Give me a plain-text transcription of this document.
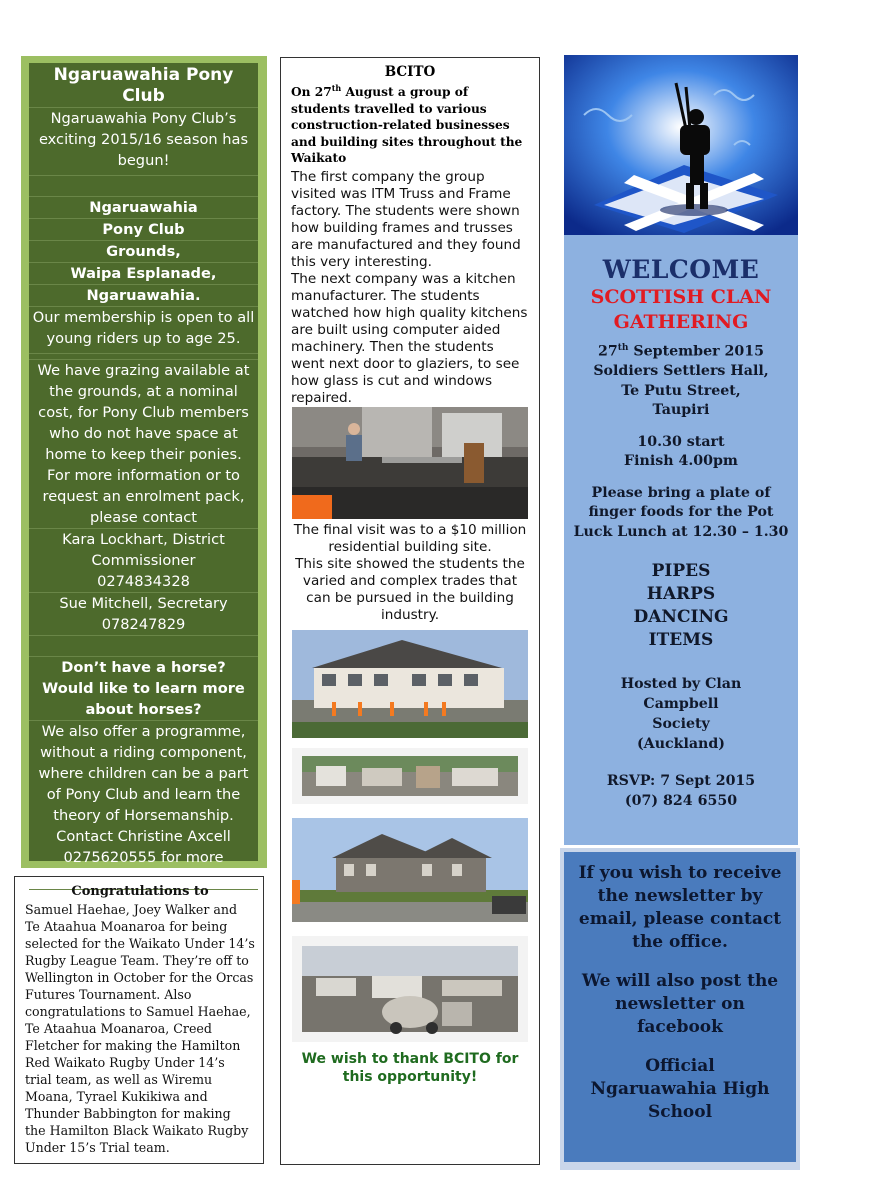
Ngaruawahia Pony Club
Ngaruawahia Pony Club’s exciting 2015/16 season has begun!
Ngaruawahia
Pony Club
Grounds,
Waipa Esplanade,
Ngaruawahia.
Our membership is open to all young riders up to age 25.
We have grazing available at the grounds, at a nominal cost, for Pony Club members who do not have space at home to keep their ponies. For more information or to request an enrolment pack, please contact
Kara Lockhart, District Commissioner 0274834328
Sue Mitchell, Secretary 078247829
Don’t have a horse? Would like to learn more about horses?
We also offer a programme, without a riding component, where children can be a part of Pony Club and learn the theory of Horsemanship. Contact Christine Axcell 0275620555 for more information.
Congratulations to

Samuel Haehae, Joey Walker and Te Ataahua Moanaroa for being selected for the Waikato Under 14’s Rugby League Team. They’re off to Wellington in October for the Orcas Futures Tournament. Also congratulations to Samuel Haehae, Te Ataahua Moanaroa, Creed Fletcher for making the Hamilton Red Waikato Rugby Under 14’s trial team, as well as Wiremu Moana, Tyrael Kukikiwa and Thunder Babbington for making the Hamilton Black Waikato Rugby Under 15’s Trial team.

BCITO

On 27th August a group of students travelled to various construction-related businesses and building sites throughout the Waikato

The first company the group visited was ITM Truss and Frame factory. The students were shown how building frames and trusses are manufactured and they found this very interesting.

The next company was a kitchen manufacturer. The students watched how high quality kitchens are built using computer aided machinery. Then the students went next door to glaziers, to see how glass is cut and windows repaired.

The final visit was to a $10 million residential building site.

This site showed the students the varied and complex trades that can be pursued in the building industry.

We wish to thank BCITO for this opportunity!

WELCOME
SCOTTISH CLAN
GATHERING
27th September 2015
Soldiers Settlers Hall, Te Putu Street, Taupiri
10.30 start
Finish 4.00pm
Please bring a plate of finger foods for the Pot Luck Lunch at 12.30 – 1.30
PIPES
HARPS
DANCING
ITEMS
Hosted by Clan Campbell Society (Auckland)
RSVP: 7 Sept 2015
(07) 824 6550

If you wish to receive the newsletter by email, please contact the office.

We will also post the newsletter on facebook

Official Ngaruawahia High School
